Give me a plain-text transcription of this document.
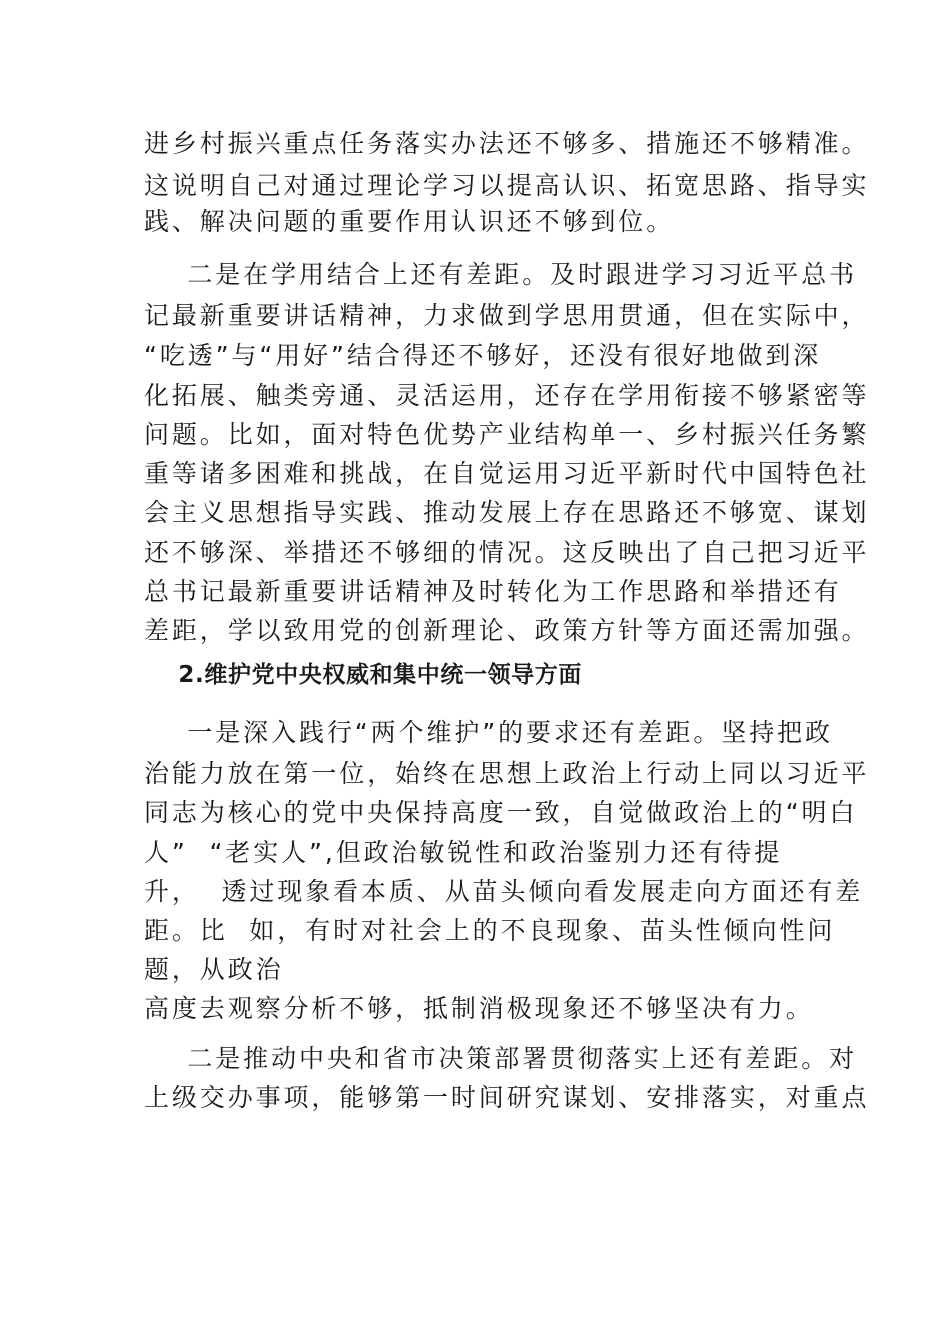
进乡村振兴重点任务落实办法还不够多、措施还不够精准。
这说明自己对通过理论学习以提高认识、拓宽思路、指导实
践、解决问题的重要作用认识还不够到位。
二是在学用结合上还有差距。及时跟进学习习近平总书
记最新重要讲话精神，力求做到学思用贯通，但在实际中，
“吃透”与“用好”结合得还不够好，还没有很好地做到深
化拓展、触类旁通、灵活运用，还存在学用衔接不够紧密等
问题。比如，面对特色优势产业结构单一、乡村振兴任务繁
重等诸多困难和挑战，在自觉运用习近平新时代中国特色社
会主义思想指导实践、推动发展上存在思路还不够宽、谋划
还不够深、举措还不够细的情况。这反映出了自己把习近平
总书记最新重要讲话精神及时转化为工作思路和举措还有
差距，学以致用党的创新理论、政策方针等方面还需加强。
2.维护党中央权威和集中统一领导方面
一是深入践行“两个维护”的要求还有差距。坚持把政
治能力放在第一位，始终在思想上政治上行动上同以习近平
同志为核心的党中央保持高度一致，自觉做政治上的“明白
人”  “老实人”,但政治敏锐性和政治鉴别力还有待提
升，  透过现象看本质、从苗头倾向看发展走向方面还有差
距。比  如，有时对社会上的不良现象、苗头性倾向性问
题，从政治
高度去观察分析不够，抵制消极现象还不够坚决有力。
二是推动中央和省市决策部署贯彻落实上还有差距。对
上级交办事项，能够第一时间研究谋划、安排落实，对重点
